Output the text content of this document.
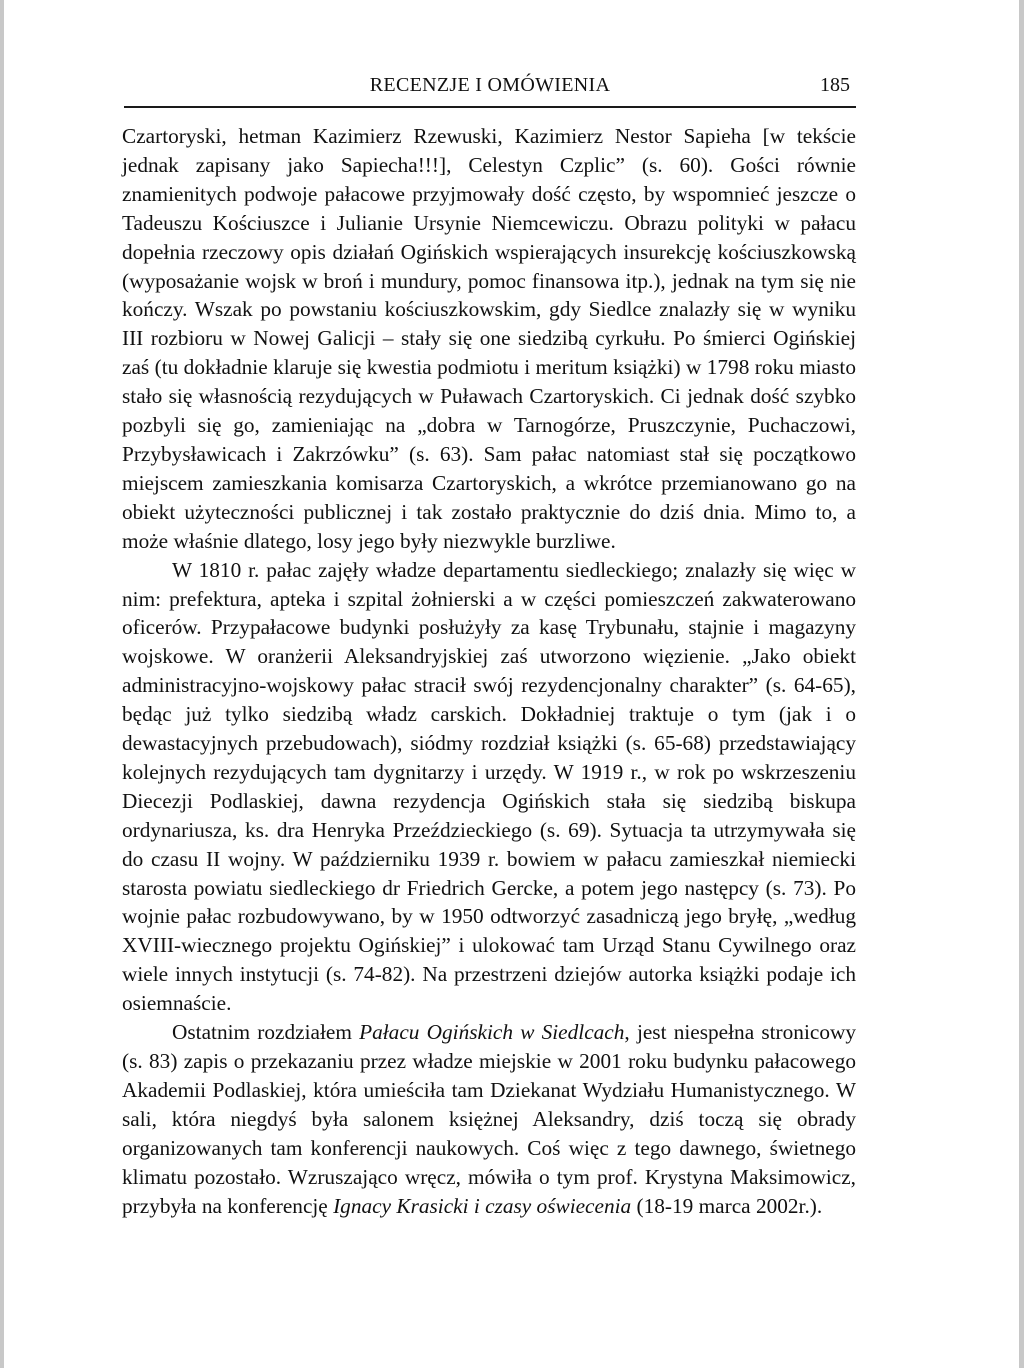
RECENZJE I OMÓWIENIA	185

Czartoryski, hetman Kazimierz Rzewuski, Kazimierz Nestor Sapieha [w tekście jednak zapisany jako Sapiecha!!!], Celestyn Czplic” (s. 60). Gości równie znamienitych podwoje pałacowe przyjmowały dość często, by wspomnieć jeszcze o Tadeuszu Kościuszce i Julianie Ursynie Niemcewiczu. Obrazu polityki w pałacu dopełnia rzeczowy opis działań Ogińskich wspierających insurekcję kościuszkowską (wyposażanie wojsk w broń i mundury, pomoc finansowa itp.), jednak na tym się nie kończy. Wszak po powstaniu kościuszkowskim, gdy Siedlce znalazły się w wyniku III rozbioru w Nowej Galicji – stały się one siedzibą cyrkułu. Po śmierci Ogińskiej zaś (tu dokładnie klaruje się kwestia podmiotu i meritum książki) w 1798 roku miasto stało się własnością rezydujących w Puławach Czartoryskich. Ci jednak dość szybko pozbyli się go, zamieniając na „dobra w Tarnogórze, Pruszczynie, Puchaczowi, Przybysławicach i Zakrzówku” (s. 63). Sam pałac natomiast stał się początkowo miejscem zamieszkania komisarza Czartoryskich, a wkrótce przemianowano go na obiekt użyteczności publicznej i tak zostało praktycznie do dziś dnia. Mimo to, a może właśnie dlatego, losy jego były niezwykle burzliwe.

W 1810 r. pałac zajęły władze departamentu siedleckiego; znalazły się więc w nim: prefektura, apteka i szpital żołnierski a w części pomieszczeń zakwaterowano oficerów. Przypałacowe budynki posłużyły za kasę Trybunału, stajnie i magazyny wojskowe. W oranżerii Aleksandryjskiej zaś utworzono więzienie. „Jako obiekt administracyjno-wojskowy pałac stracił swój rezydencjonalny charakter” (s. 64-65), będąc już tylko siedzibą władz carskich. Dokładniej traktuje o tym (jak i o dewastacyjnych przebudowach), siódmy rozdział książki (s. 65-68) przedstawiający kolejnych rezydujących tam dygnitarzy i urzędy. W 1919 r., w rok po wskrzeszeniu Diecezji Podlaskiej, dawna rezydencja Ogińskich stała się siedzibą biskupa ordynariusza, ks. dra Henryka Przeździeckiego (s. 69). Sytuacja ta utrzymywała się do czasu II wojny. W październiku 1939 r. bowiem w pałacu zamieszkał niemiecki starosta powiatu siedleckiego dr Friedrich Gercke, a potem jego następcy (s. 73). Po wojnie pałac rozbudowywano, by w 1950 odtworzyć zasadniczą jego bryłę, „według XVIII-wiecznego projektu Ogińskiej” i ulokować tam Urząd Stanu Cywilnego oraz wiele innych instytucji (s. 74-82). Na przestrzeni dziejów autorka książki podaje ich osiemnaście.

Ostatnim rozdziałem Pałacu Ogińskich w Siedlcach, jest niespełna stronicowy (s. 83) zapis o przekazaniu przez władze miejskie w 2001 roku budynku pałacowego Akademii Podlaskiej, która umieściła tam Dziekanat Wydziału Humanistycznego. W sali, która niegdyś była salonem księżnej Aleksandry, dziś toczą się obrady organizowanych tam konferencji naukowych. Coś więc z tego dawnego, świetnego klimatu pozostało. Wzruszająco wręcz, mówiła o tym prof. Krystyna Maksimowicz, przybyła na konferencję Ignacy Krasicki i czasy oświecenia (18-19 marca 2002r.).
